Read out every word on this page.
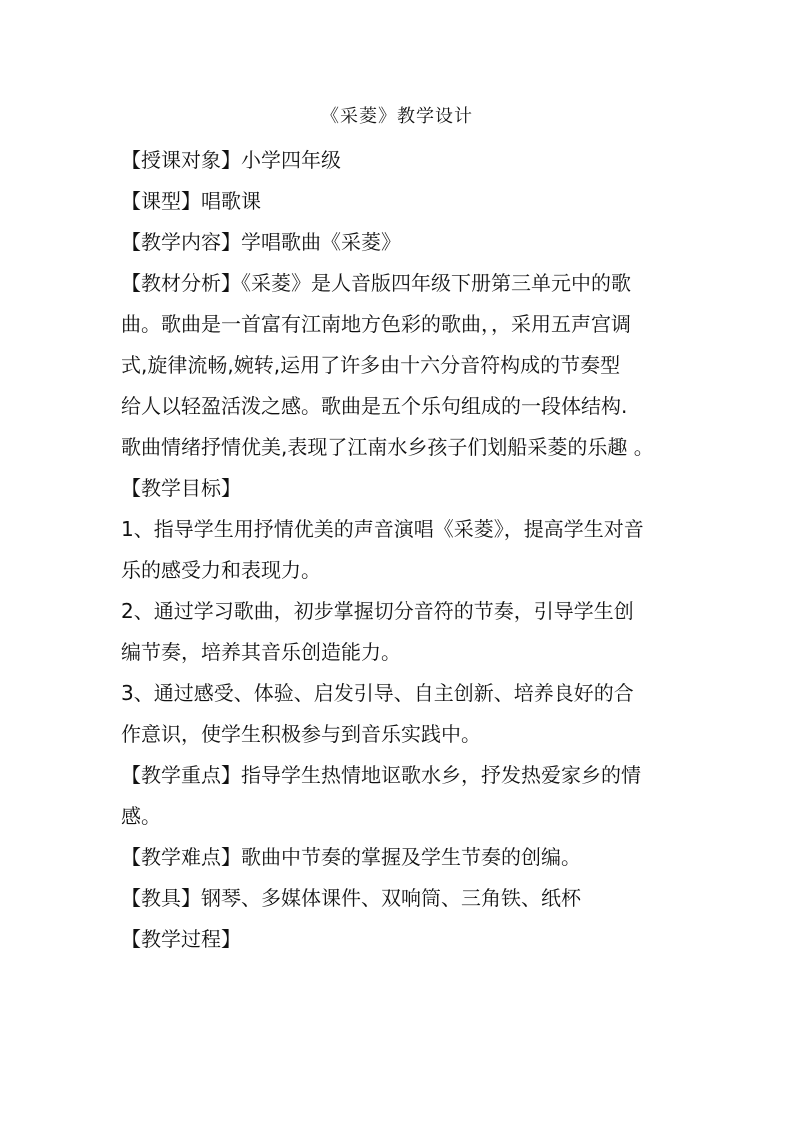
《采菱》教学设计

【授课对象】小学四年级

【课型】唱歌课

【教学内容】学唱歌曲《采菱》

【教材分析】《采菱》是人音版四年级下册第三单元中的歌
曲。歌曲是一首富有江南地方色彩的歌曲，，采用五声宫调
式,旋律流畅,婉转,运用了许多由十六分音符构成的节奏型
给人以轻盈活泼之感。歌曲是五个乐句组成的一段体结构.
歌曲情绪抒情优美,表现了江南水乡孩子们划船采菱的乐趣 。

【教学目标】

1、指导学生用抒情优美的声音演唱《采菱》，提高学生对音
乐的感受力和表现力。

2、通过学习歌曲，初步掌握切分音符的节奏，引导学生创
编节奏，培养其音乐创造能力。

3、通过感受、体验、启发引导、自主创新、培养良好的合
作意识，使学生积极参与到音乐实践中。

【教学重点】指导学生热情地讴歌水乡，抒发热爱家乡的情
感。

【教学难点】歌曲中节奏的掌握及学生节奏的创编。

【教具】钢琴、多媒体课件、双响筒、三角铁、纸杯

【教学过程】
